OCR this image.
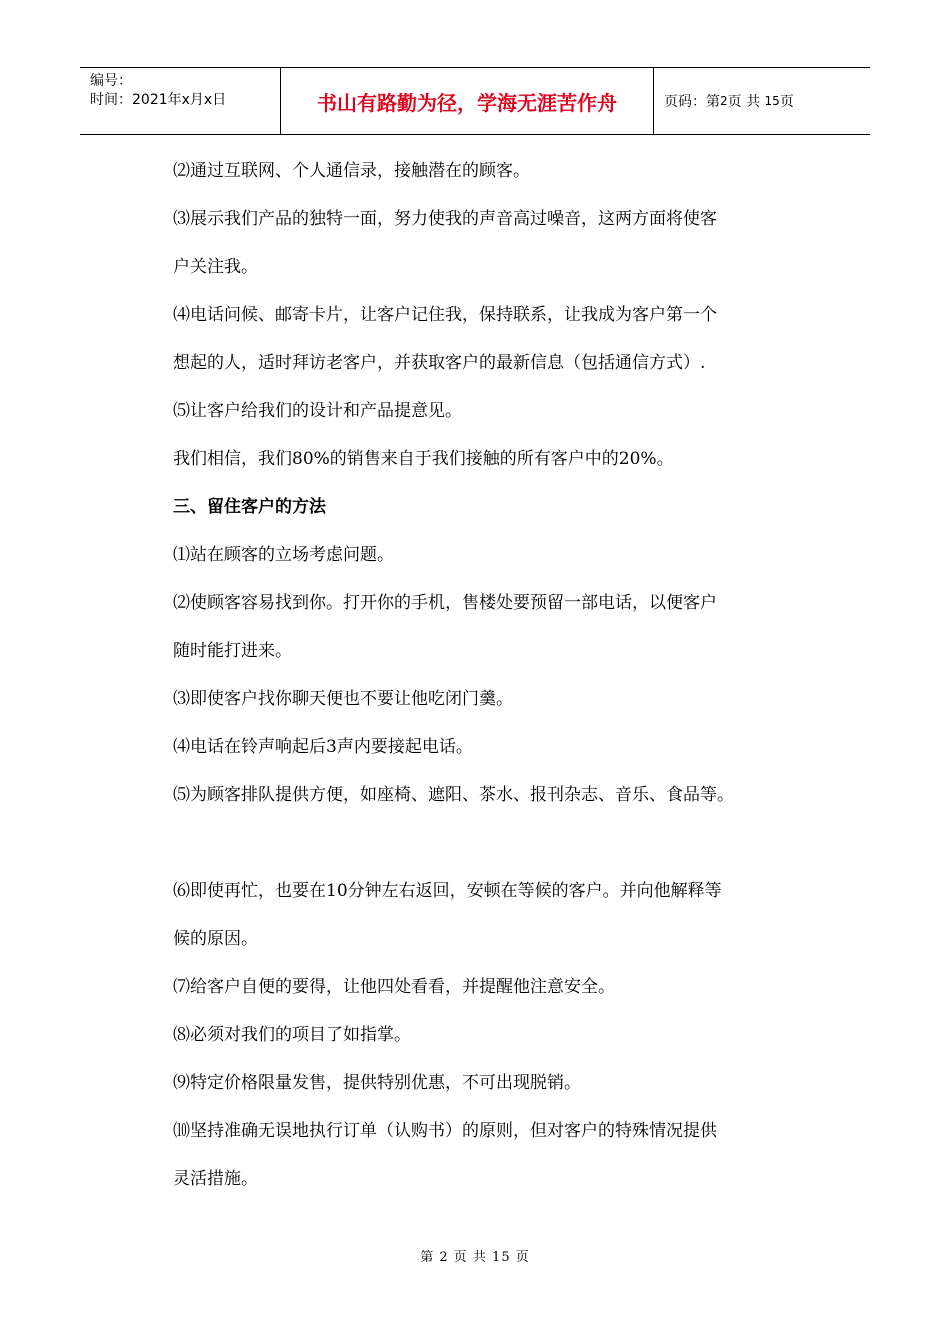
编号：
时间：2021年x月x日	书山有路勤为径，学海无涯苦作舟	页码：第 2 页 共
15 页

⑵通过互联网、个人通信录，接触潜在的顾客。

⑶展示我们产品的独特一面，努力使我的声音高过噪音，这两方面将使客

户关注我。

⑷电话问候、邮寄卡片，让客户记住我，保持联系，让我成为客户第一个

想起的人，适时拜访老客户，并获取客户的最新信息（包括通信方式）.

⑸让客户给我们的设计和产品提意见。

我们相信，我们80%的销售来自于我们接触的所有客户中的20%。

三、留住客户的方法

⑴站在顾客的立场考虑问题。

⑵使顾客容易找到你。打开你的手机，售楼处要预留一部电话，以便客户

随时能打进来。

⑶即使客户找你聊天便也不要让他吃闭门羹。

⑷电话在铃声响起后3声内要接起电话。

⑸为顾客排队提供方便，如座椅、遮阳、茶水、报刊杂志、音乐、食品等。

⑹即使再忙，也要在10分钟左右返回，安顿在等候的客户。并向他解释等

候的原因。

⑺给客户自便的要得，让他四处看看，并提醒他注意安全。

⑻必须对我们的项目了如指掌。

⑼特定价格限量发售，提供特别优惠，不可出现脱销。

⑽坚持准确无误地执行订单（认购书）的原则，但对客户的特殊情况提供

灵活措施。

第 2 页 共 15 页
